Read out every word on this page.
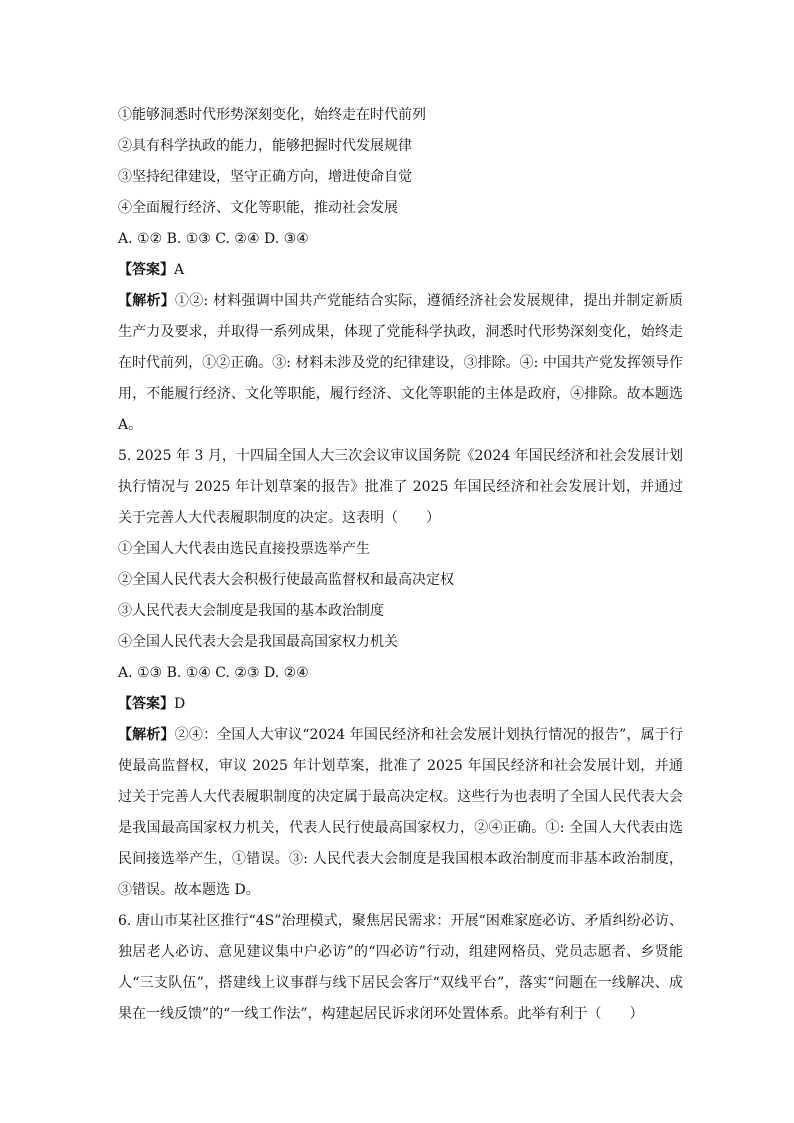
①能够洞悉时代形势深刻变化，始终走在时代前列
②具有科学执政的能力，能够把握时代发展规律
③坚持纪律建设，坚守正确方向，增进使命自觉
④全面履行经济、文化等职能，推动社会发展
A. ①② B. ①③ C. ②④ D. ③④
【答案】A
【解析】①②: 材料强调中国共产党能结合实际，遵循经济社会发展规律，提出并制定新质生产力及要求，并取得一系列成果，体现了党能科学执政，洞悉时代形势深刻变化，始终走在时代前列，①②正确。③: 材料未涉及党的纪律建设，③排除。④: 中国共产党发挥领导作用，不能履行经济、文化等职能，履行经济、文化等职能的主体是政府，④排除。故本题选 A。
5. 2025 年 3 月，十四届全国人大三次会议审议国务院《2024 年国民经济和社会发展计划执行情况与 2025 年计划草案的报告》批准了 2025 年国民经济和社会发展计划，并通过关于完善人大代表履职制度的决定。这表明（　　）
①全国人大代表由选民直接投票选举产生
②全国人民代表大会积极行使最高监督权和最高决定权
③人民代表大会制度是我国的基本政治制度
④全国人民代表大会是我国最高国家权力机关
A. ①③ B. ①④ C. ②③ D. ②④
【答案】D
【解析】②④：全国人大审议“2024 年国民经济和社会发展计划执行情况的报告”，属于行使最高监督权，审议 2025 年计划草案，批准了 2025 年国民经济和社会发展计划，并通过关于完善人大代表履职制度的决定属于最高决定权。这些行为也表明了全国人民代表大会是我国最高国家权力机关，代表人民行使最高国家权力，②④正确。①: 全国人大代表由选民间接选举产生，①错误。③: 人民代表大会制度是我国根本政治制度而非基本政治制度，③错误。故本题选 D。
6. 唐山市某社区推行“4S”治理模式，聚焦居民需求：开展“困难家庭必访、矛盾纠纷必访、独居老人必访、意见建议集中户必访”的“四必访”行动，组建网格员、党员志愿者、乡贤能人“三支队伍”，搭建线上议事群与线下居民会客厅“双线平台”，落实“问题在一线解决、成果在一线反馈”的“一线工作法”，构建起居民诉求闭环处置体系。此举有利于（　　）
